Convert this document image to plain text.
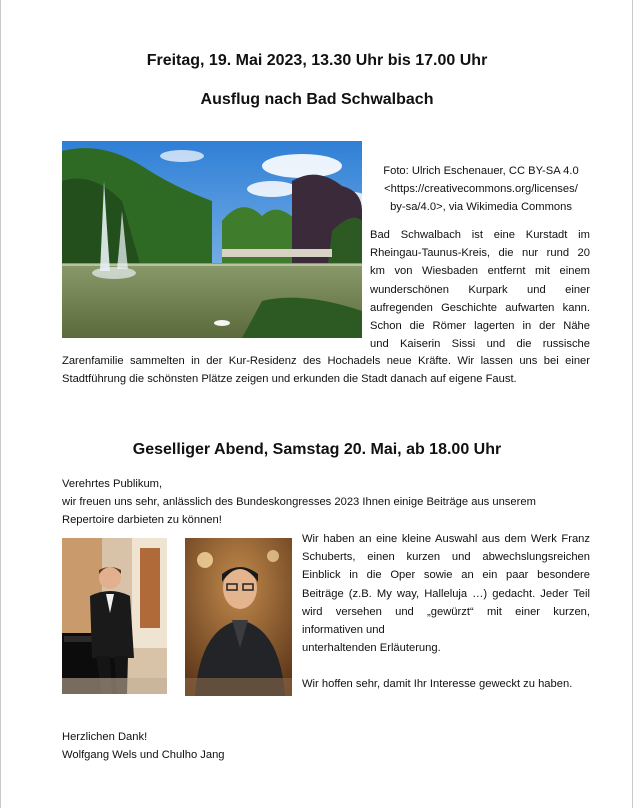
Freitag, 19. Mai 2023, 13.30 Uhr bis 17.00 Uhr
Ausflug nach Bad Schwalbach
Foto: Ulrich Eschenauer, CC BY-SA 4.0
<https://creativecommons.org/licenses/
by-sa/4.0>, via Wikimedia Commons
Bad Schwalbach ist eine Kurstadt im
Rheingau-Taunus-Kreis, die nur rund 20
km von Wiesbaden entfernt mit einem
wunderschönen Kurpark und einer
aufregenden Geschichte aufwarten kann.
Schon die Römer lagerten in der Nähe
und Kaiserin Sissi und die russische
Zarenfamilie sammelten in der Kur-Residenz des Hochadels neue Kräfte. Wir lassen uns bei einer
Stadtführung die schönsten Plätze zeigen und erkunden die Stadt danach auf eigene Faust.
Geselliger Abend, Samstag 20. Mai, ab 18.00 Uhr
Verehrtes Publikum,
wir freuen uns sehr, anlässlich des Bundeskongresses 2023 Ihnen einige Beiträge aus unserem
Repertoire darbieten zu können!
Wir haben an eine kleine Auswahl aus dem Werk Franz
Schuberts, einen kurzen und abwechslungsreichen
Einblick in die Oper sowie an ein paar besondere
Beiträge (z.B. My way, Halleluja …) gedacht. Jeder Teil
wird versehen und „gewürzt“ mit einer kurzen,
informativen und
unterhaltenden Erläuterung.
Wir hoffen sehr, damit Ihr Interesse geweckt zu haben.
Herzlichen Dank!
Wolfgang Wels und Chulho Jang
